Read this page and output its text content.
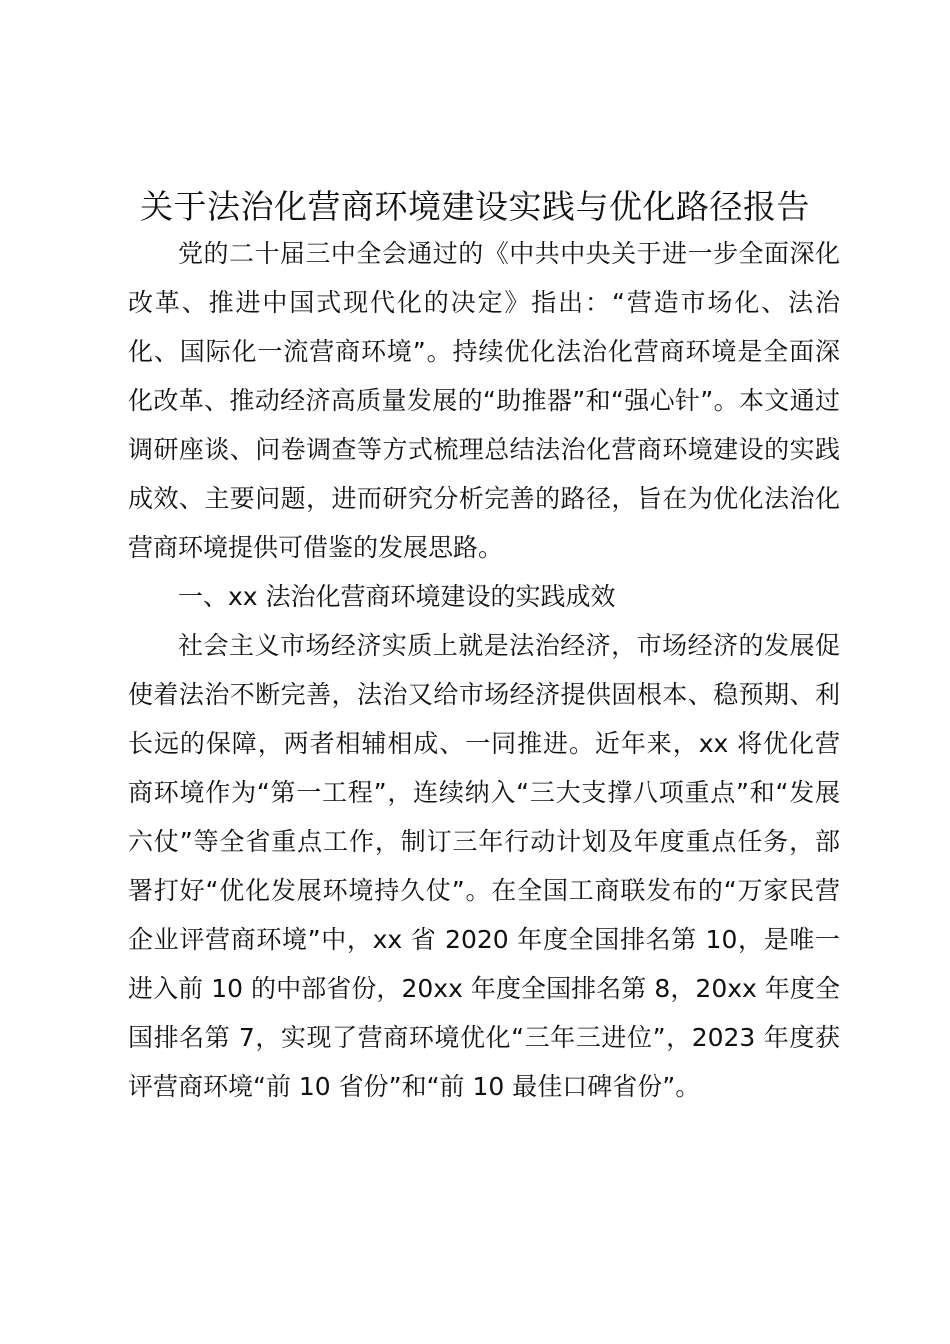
关于法治化营商环境建设实践与优化路径报告

党的二十届三中全会通过的《中共中央关于进一步全面深化改革、推进中国式现代化的决定》指出：“营造市场化、法治化、国际化一流营商环境”。持续优化法治化营商环境是全面深化改革、推动经济高质量发展的“助推器”和“强心针”。本文通过调研座谈、问卷调查等方式梳理总结法治化营商环境建设的实践成效、主要问题，进而研究分析完善的路径，旨在为优化法治化营商环境提供可借鉴的发展思路。

一、xx 法治化营商环境建设的实践成效

社会主义市场经济实质上就是法治经济，市场经济的发展促使着法治不断完善，法治又给市场经济提供固根本、稳预期、利长远的保障，两者相辅相成、一同推进。近年来，xx 将优化营商环境作为“第一工程”，连续纳入“三大支撑八项重点”和“发展六仗”等全省重点工作，制订三年行动计划及年度重点任务，部署打好“优化发展环境持久仗”。在全国工商联发布的“万家民营企业评营商环境”中，xx 省 2020 年度全国排名第 10，是唯一进入前 10 的中部省份，20xx 年度全国排名第 8，20xx 年度全国排名第 7，实现了营商环境优化“三年三进位”，2023 年度获评营商环境“前 10 省份”和“前 10 最佳口碑省份”。
